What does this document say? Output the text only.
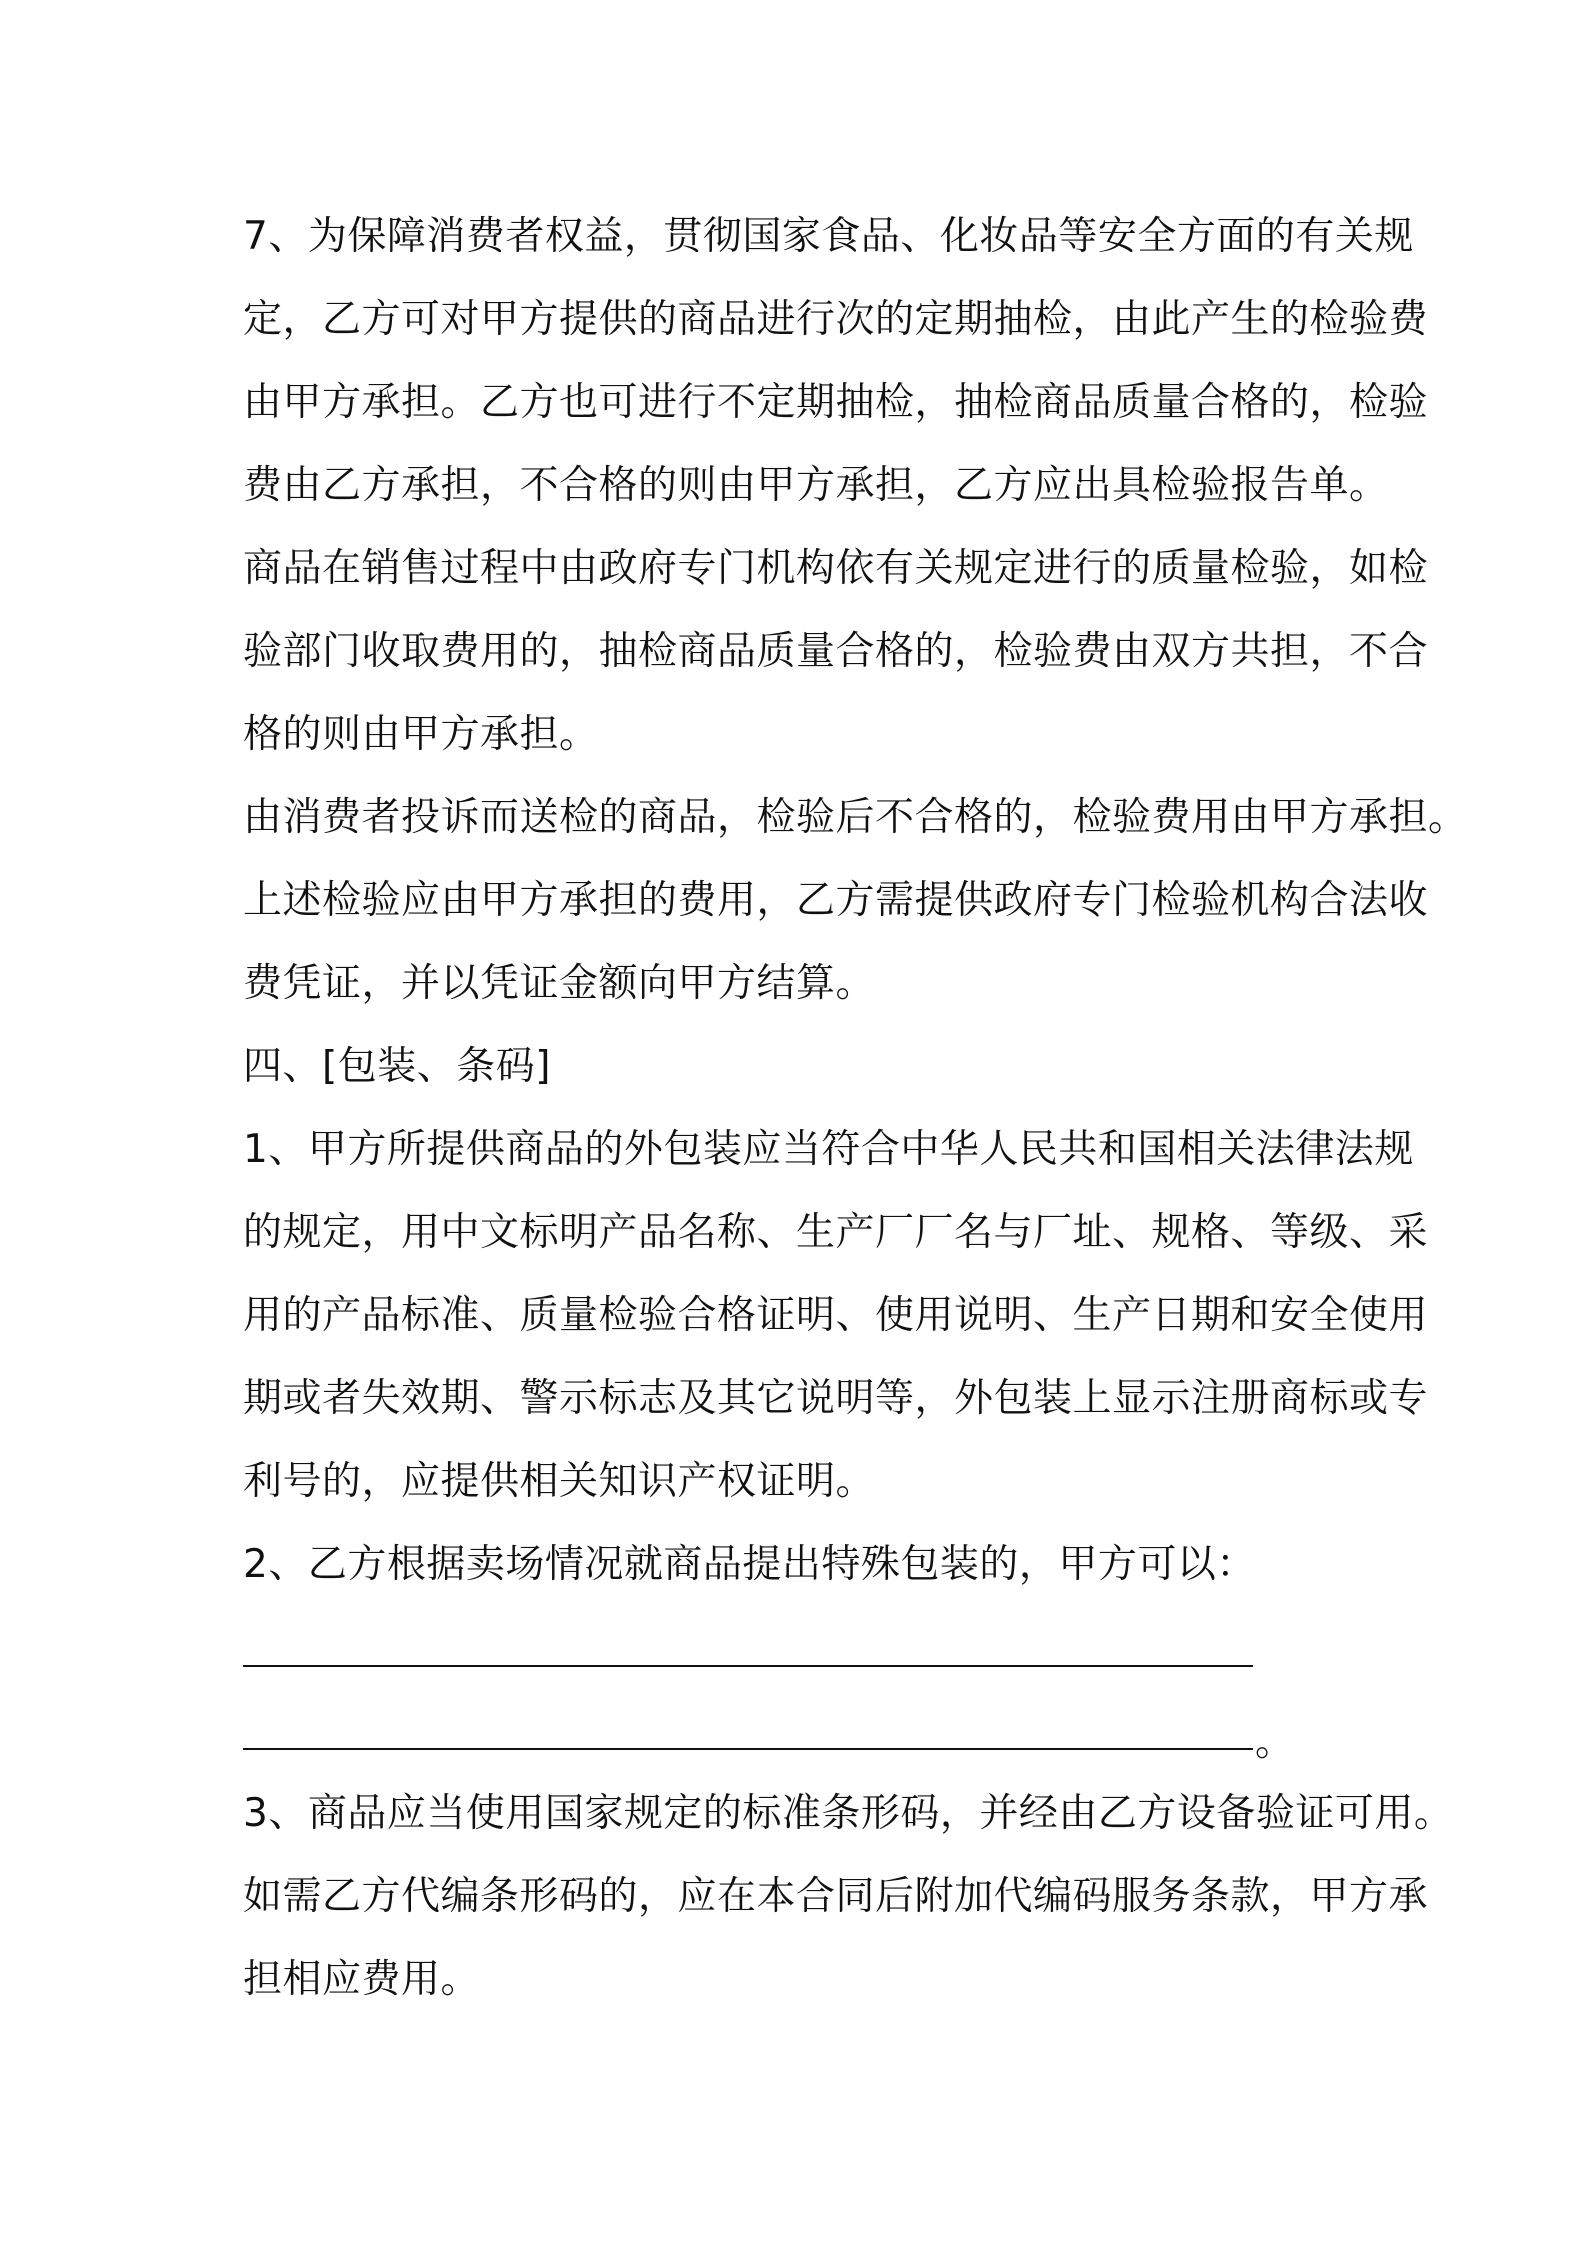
7、为保障消费者权益，贯彻国家食品、化妆品等安全方面的有关规
定，乙方可对甲方提供的商品进行次的定期抽检，由此产生的检验费
由甲方承担。乙方也可进行不定期抽检，抽检商品质量合格的，检验
费由乙方承担，不合格的则由甲方承担，乙方应出具检验报告单。
商品在销售过程中由政府专门机构依有关规定进行的质量检验，如检
验部门收取费用的，抽检商品质量合格的，检验费由双方共担，不合
格的则由甲方承担。
由消费者投诉而送检的商品，检验后不合格的，检验费用由甲方承担。
上述检验应由甲方承担的费用，乙方需提供政府专门检验机构合法收
费凭证，并以凭证金额向甲方结算。
四、[包装、条码]
1、甲方所提供商品的外包装应当符合中华人民共和国相关法律法规
的规定，用中文标明产品名称、生产厂厂名与厂址、规格、等级、采
用的产品标准、质量检验合格证明、使用说明、生产日期和安全使用
期或者失效期、警示标志及其它说明等，外包装上显示注册商标或专
利号的，应提供相关知识产权证明。
2、乙方根据卖场情况就商品提出特殊包装的，甲方可以：
。
3、商品应当使用国家规定的标准条形码，并经由乙方设备验证可用。
如需乙方代编条形码的，应在本合同后附加代编码服务条款，甲方承
担相应费用。
